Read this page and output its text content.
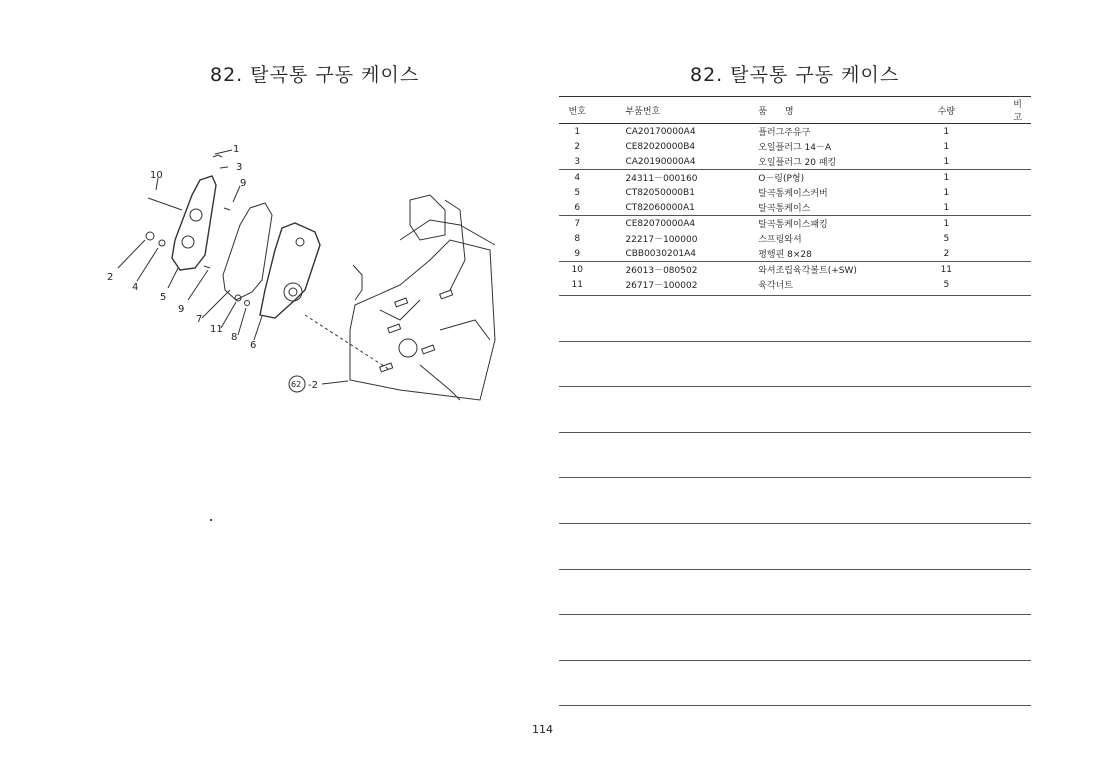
82. 탈곡통 구동 케이스	82. 탈곡통 구동 케이스
1
3
10
9
2
4
5
9
7
11
8
6
62 -2
번호	부품번호	품　　명	수량	비　고
1	CA20170000A4	플러그주유구	1	
2	CE82020000B4	오일플러그 14－A	1	
3	CA20190000A4	오일플러그 20 패킹	1	
4	24311－000160	O－링(P형)	1	
5	CT82050000B1	탈곡통케이스커버	1	
6	CT82060000A1	탈곡통케이스	1	
7	CE82070000A4	탈곡통케이스패킹	1	
8	22217－100000	스프링와셔	5	
9	CBB0030201A4	평행핀 8×28	2	
10	26013－080502	와셔조립육각볼트(+SW)	11	
11	26717－100002	육각너트	5	
114
